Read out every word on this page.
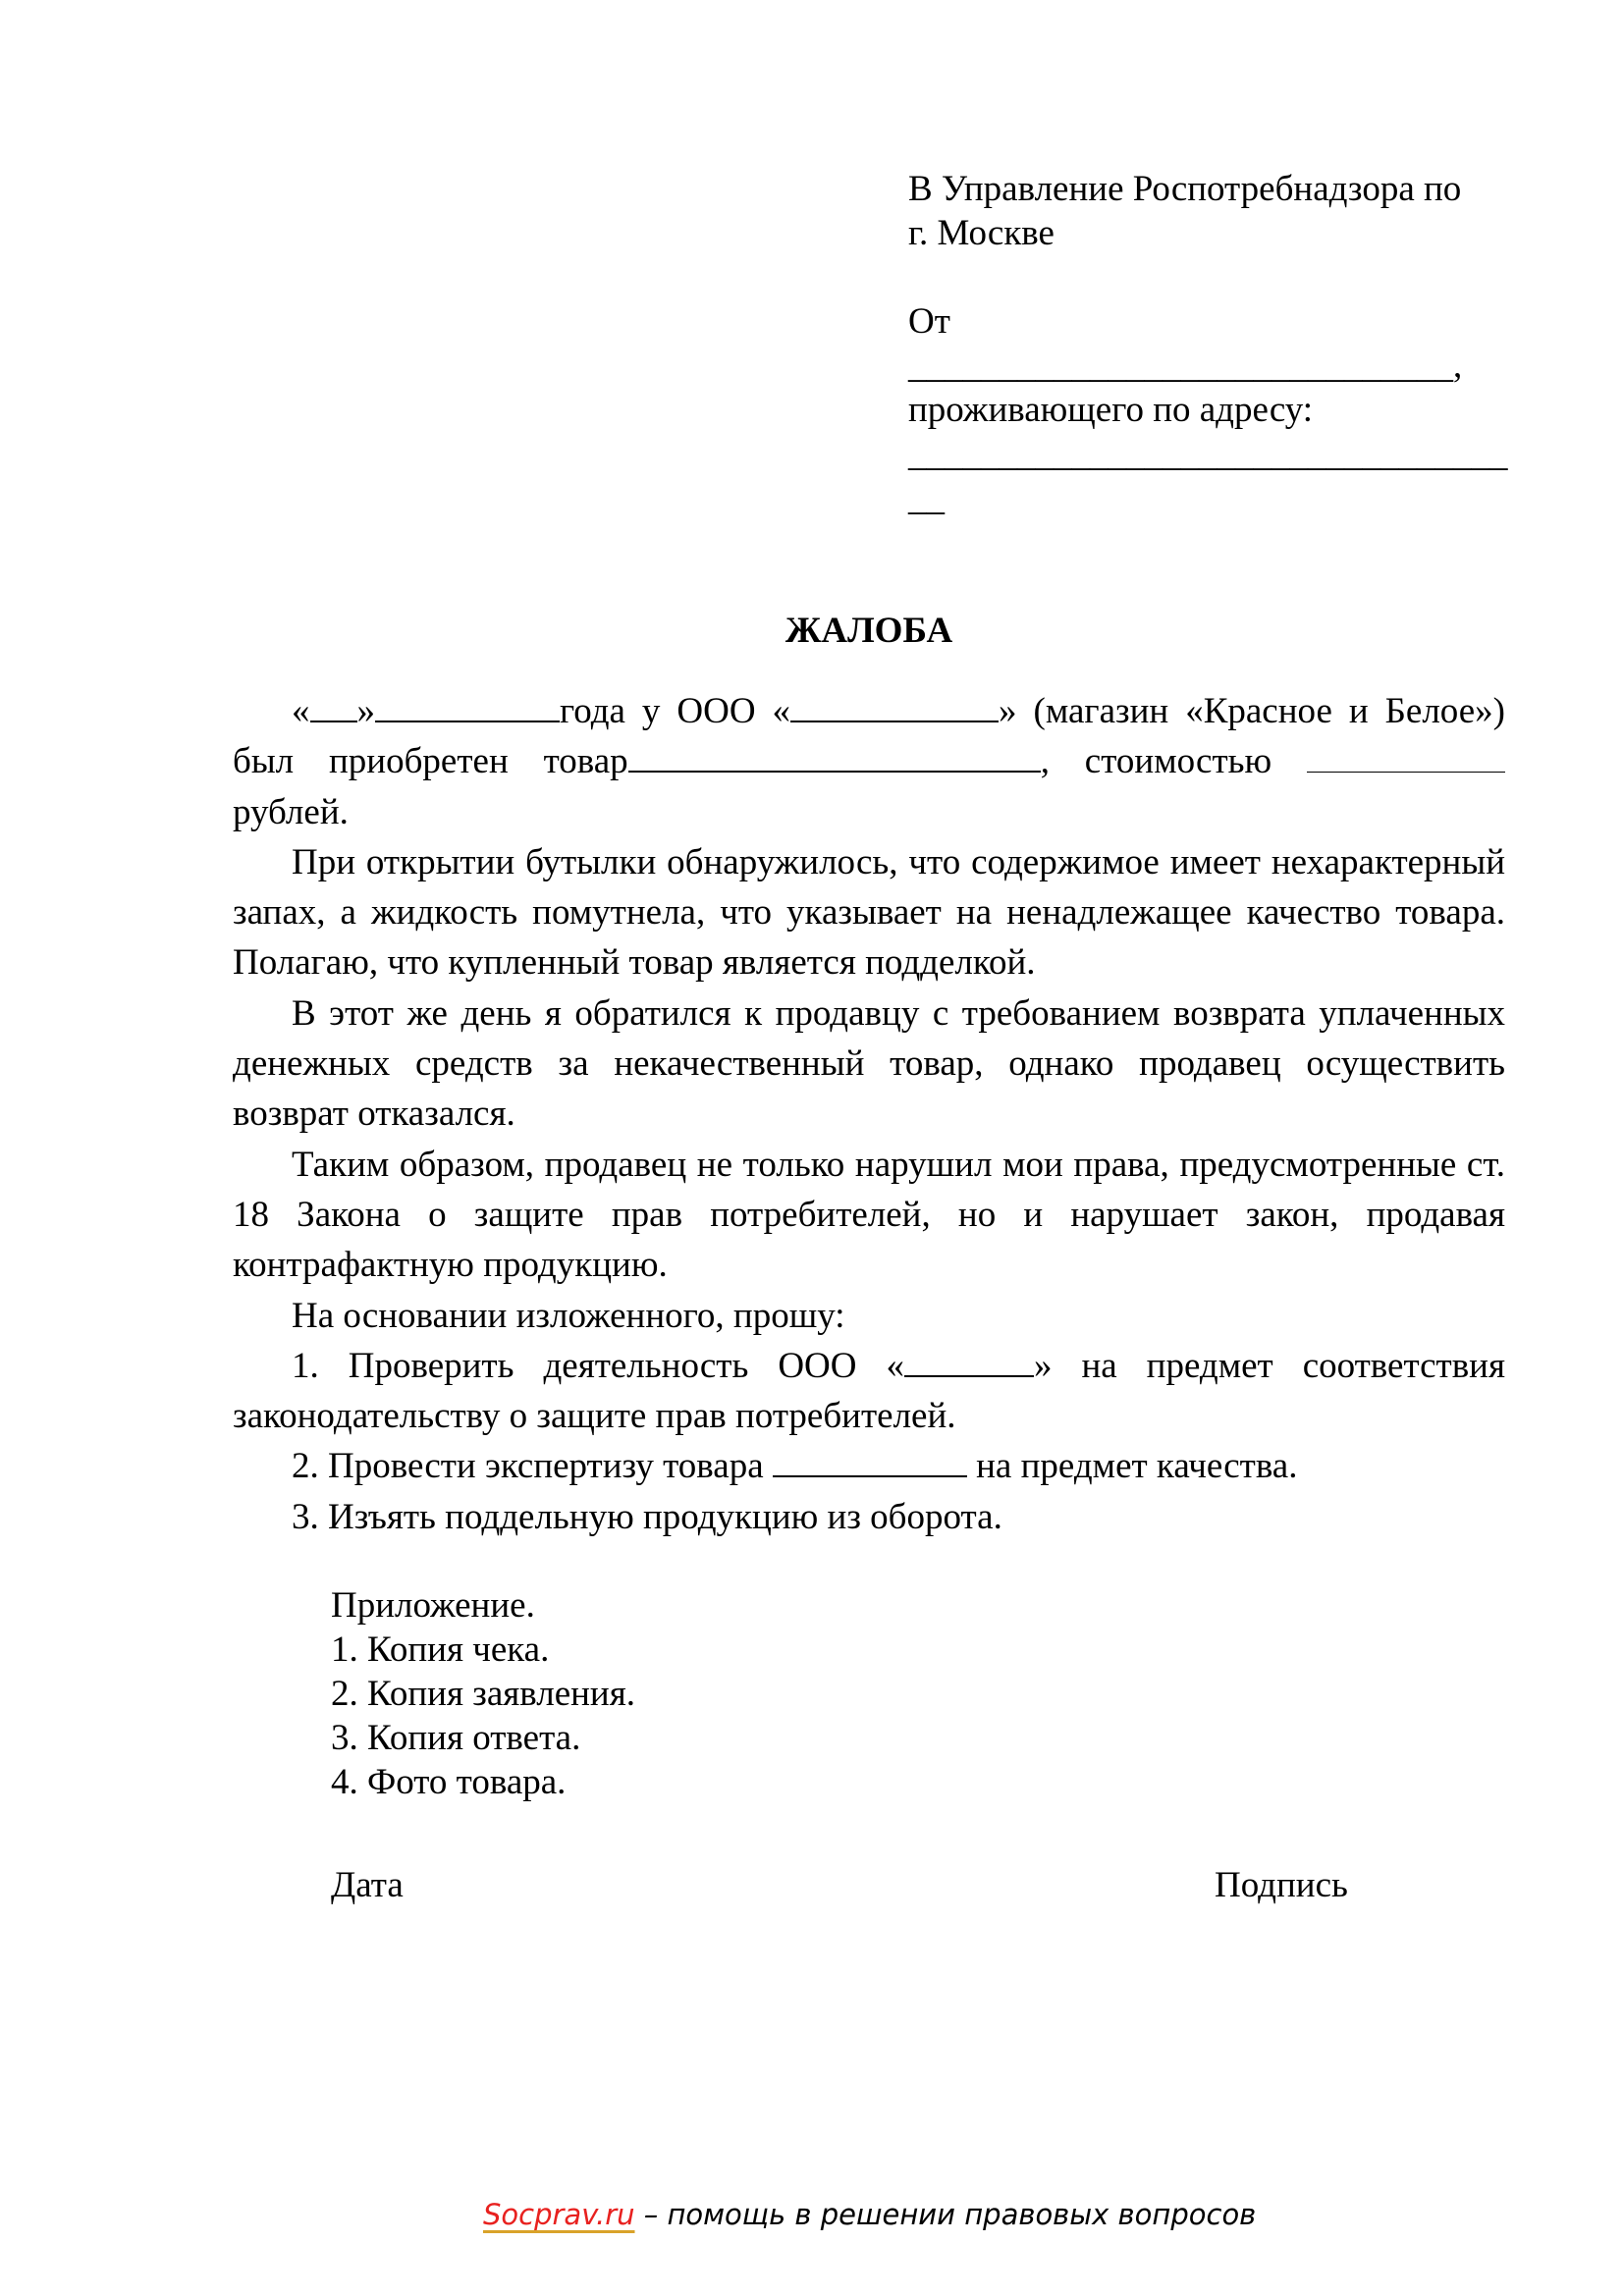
В Управление Роспотребнадзора по
г. Москве
От
______________________________,
проживающего по адресу:
_________________________________
__
ЖАЛОБА

« »	года у ООО «	» (магазин «Красное и Белое») был приобретен товар	, стоимостью  рублей.

При открытии бутылки обнаружилось, что содержимое имеет нехарактерный запах, а жидкость помутнела, что указывает на ненадлежащее качество товара. Полагаю, что купленный товар является подделкой.

В этот же день я обратился к продавцу с требованием возврата уплаченных денежных средств за некачественный товар, однако продавец осуществить возврат отказался.

Таким образом, продавец не только нарушил мои права, предусмотренные ст. 18 Закона о защите прав потребителей, но и нарушает закон, продавая контрафактную продукцию.

На основании изложенного, прошу:

1. Проверить деятельность ООО «	» на предмет соответствия законодательству о защите прав потребителей.

2. Провести экспертизу товара	на предмет качества.

3. Изъять поддельную продукцию из оборота.

Приложение.
1. Копия чека.
2. Копия заявления.
3. Копия ответа.
4. Фото товара.
Дата	Подпись
Socprav.ru – помощь в решении правовых вопросов
